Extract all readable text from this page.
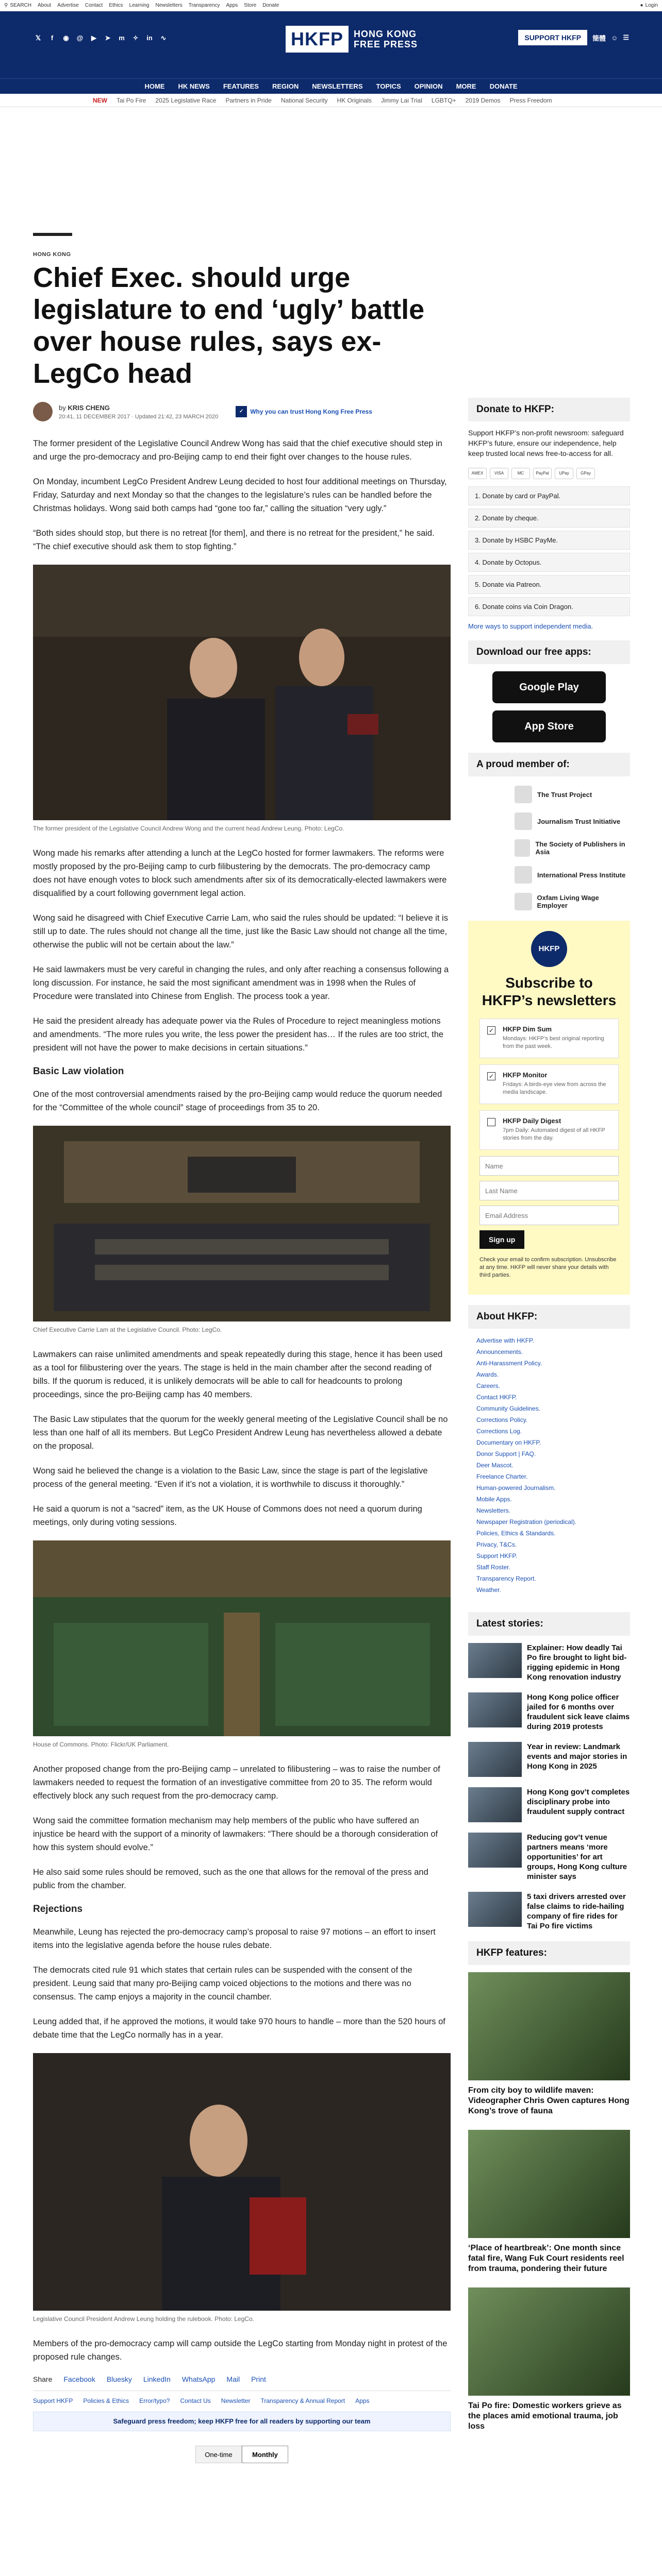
⚲ SEARCH About Advertise Contact Ethics Learning Newsletters Transparency Apps Store Donate	● Login
𝕏	f	◉	@	▶	➤	m	✧	in	∿	HKFP	HONG KONG
FREE PRESS
SUPPORT HKFP	簡體 ☺ ☰
HOME HK NEWS FEATURES REGION NEWSLETTERS TOPICS OPINION MORE DONATE
NEW Tai Po Fire 2025 Legislative Race Partners in Pride National Security HK Originals Jimmy Lai Trial LGBTQ+ 2019 Demos Press Freedom
HONG KONG
Chief Exec. should urge legislature to end ‘ugly’ battle over house rules, says ex-LegCo head
by KRIS CHENG
20:41, 11 DECEMBER 2017 · Updated 21:42, 23 MARCH 2020
✓	Why you can trust Hong Kong Free Press

The former president of the Legislative Council Andrew Wong has said that the chief executive should step in and urge the pro-democracy and pro-Beijing camp to end their fight over changes to the house rules.

On Monday, incumbent LegCo President Andrew Leung decided to host four additional meetings on Thursday, Friday, Saturday and next Monday so that the changes to the legislature’s rules can be handled before the Christmas holidays. Wong said both camps had “gone too far,” calling the situation “very ugly.”

“Both sides should stop, but there is no retreat [for them], and there is no retreat for the president,” he said. “The chief executive should ask them to stop fighting.”

The former president of the Legislative Council Andrew Wong and the current head Andrew Leung. Photo: LegCo.

Wong made his remarks after attending a lunch at the LegCo hosted for former lawmakers. The reforms were mostly proposed by the pro-Beijing camp to curb filibustering by the democrats. The pro-democracy camp does not have enough votes to block such amendments after six of its democratically-elected lawmakers were disqualified by a court following government legal action.

Wong said he disagreed with Chief Executive Carrie Lam, who said the rules should be updated: “I believe it is still up to date. The rules should not change all the time, just like the Basic Law should not change all the time, otherwise the public will not be certain about the law.”

He said lawmakers must be very careful in changing the rules, and only after reaching a consensus following a long discussion. For instance, he said the most significant amendment was in 1998 when the Rules of Procedure were translated into Chinese from English. The process took a year.

He said the president already has adequate power via the Rules of Procedure to reject meaningless motions and amendments. “The more rules you write, the less power the president has… If the rules are too strict, the president will not have the power to make decisions in certain situations.”

Basic Law violation

One of the most controversial amendments raised by the pro-Beijing camp would reduce the quorum needed for the “Committee of the whole council” stage of proceedings from 35 to 20.

Chief Executive Carrie Lam at the Legislative Council. Photo: LegCo.

Lawmakers can raise unlimited amendments and speak repeatedly during this stage, hence it has been used as a tool for filibustering over the years. The stage is held in the main chamber after the second reading of bills. If the quorum is reduced, it is unlikely democrats will be able to call for headcounts to prolong proceedings, since the pro-Beijing camp has 40 members.

The Basic Law stipulates that the quorum for the weekly general meeting of the Legislative Council shall be no less than one half of all its members. But LegCo President Andrew Leung has nevertheless allowed a debate on the proposal.

Wong said he believed the change is a violation to the Basic Law, since the stage is part of the legislative process of the general meeting. “Even if it’s not a violation, it is worthwhile to discuss it thoroughly.”

He said a quorum is not a “sacred” item, as the UK House of Commons does not need a quorum during meetings, only during voting sessions.

House of Commons. Photo: Flickr/UK Parliament.

Another proposed change from the pro-Beijing camp – unrelated to filibustering – was to raise the number of lawmakers needed to request the formation of an investigative committee from 20 to 35. The reform would effectively block any such request from the pro-democracy camp.

Wong said the committee formation mechanism may help members of the public who have suffered an injustice be heard with the support of a minority of lawmakers: “There should be a thorough consideration of how this system should evolve.”

He also said some rules should be removed, such as the one that allows for the removal of the press and public from the chamber.

Rejections

Meanwhile, Leung has rejected the pro-democracy camp’s proposal to raise 97 motions – an effort to insert items into the legislative agenda before the house rules debate.

The democrats cited rule 91 which states that certain rules can be suspended with the consent of the president. Leung said that many pro-Beijing camp voiced objections to the motions and there was no consensus. The camp enjoys a majority in the council chamber.

Leung added that, if he approved the motions, it would take 970 hours to handle – more than the 520 hours of debate time that the LegCo normally has in a year.

Legislative Council President Andrew Leung holding the rulebook. Photo: LegCo.

Members of the pro-democracy camp will camp outside the LegCo starting from Monday night in protest of the proposed rule changes.

Share Facebook Bluesky LinkedIn WhatsApp Mail Print
Support HKFP Policies & Ethics Error/typo? Contact Us Newsletter Transparency & Annual Report Apps
Safeguard press freedom; keep HKFP free for all readers by supporting our team
One-time	Monthly
Donate to HKFP:
Support HKFP’s non-profit newsroom: safeguard HKFP’s future, ensure our independence, help keep trusted local news free-to-access for all.
AMEX	VISA	MC	PayPal	UPay	GPay
1. Donate by card or PayPal.
2. Donate by cheque.
3. Donate by HSBC PayMe.
4. Donate by Octopus.
5. Donate via Patreon.
6. Donate coins via Coin Dragon.
More ways to support independent media.
Download our free apps:
Google Play
App Store
A proud member of:
The Trust Project
Journalism Trust Initiative
The Society of Publishers in Asia
International Press Institute
Oxfam Living Wage Employer
HKFP
Subscribe to HKFP’s newsletters
✓ HKFP Dim Sum
Mondays: HKFP’s best original reporting from the past week.
✓ HKFP Monitor
Fridays: A birds-eye view from across the media landscape.
HKFP Daily Digest
7pm Daily: Automated digest of all HKFP stories from the day.
Name
Last Name
Email Address Sign up
Check your email to confirm subscription. Unsubscribe at any time. HKFP will never share your details with third parties.
About HKFP:
Advertise with HKFP.
Announcements.
Anti-Harassment Policy.
Awards.
Careers.
Contact HKFP.
Community Guidelines.
Corrections Policy.
Corrections Log.
Documentary on HKFP.
Donor Support | FAQ.
Deer Mascot.
Freelance Charter.
Human-powered Journalism.
Mobile Apps.
Newsletters.
Newspaper Registration (periodical).
Policies, Ethics & Standards.
Privacy, T&Cs.
Support HKFP.
Staff Roster.
Transparency Report.
Weather.
Latest stories:
Explainer: How deadly Tai Po fire brought to light bid-rigging epidemic in Hong Kong renovation industry
Hong Kong police officer jailed for 6 months over fraudulent sick leave claims during 2019 protests
Year in review: Landmark events and major stories in Hong Kong in 2025
Hong Kong gov’t completes disciplinary probe into fraudulent supply contract
Reducing gov’t venue partners means ‘more opportunities’ for art groups, Hong Kong culture minister says
5 taxi drivers arrested over false claims to ride-hailing company of fire rides for Tai Po fire victims
HKFP features:
From city boy to wildlife maven: Videographer Chris Owen captures Hong Kong’s trove of fauna
‘Place of heartbreak’: One month since fatal fire, Wang Fuk Court residents reel from trauma, pondering their future
Tai Po fire: Domestic workers grieve as the places amid emotional trauma, job loss
